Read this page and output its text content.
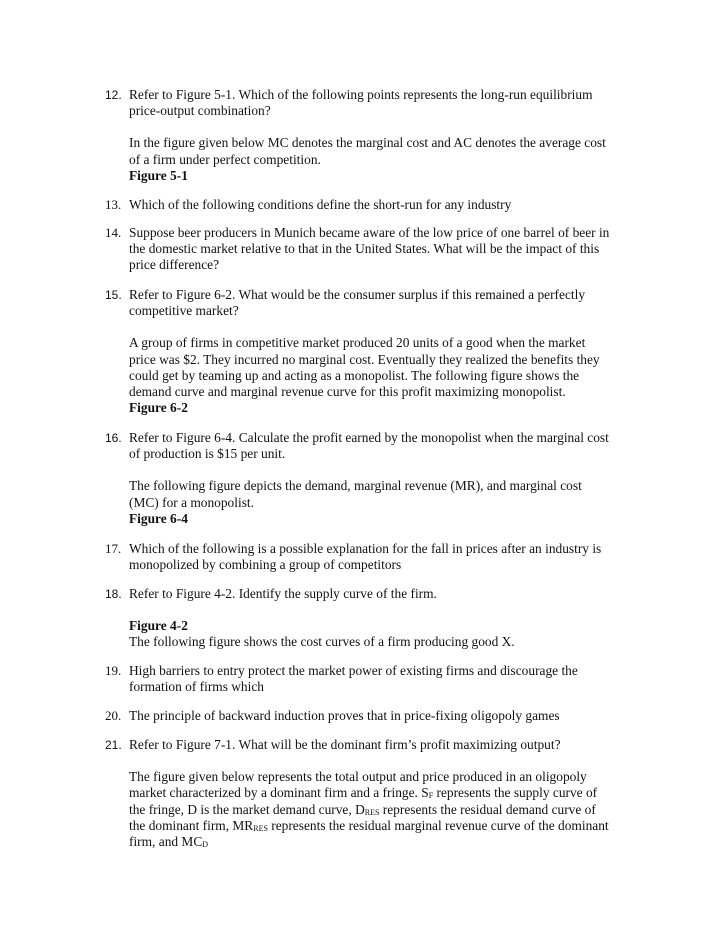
12. Refer to Figure 5-1. Which of the following points represents the long-run equilibrium
price-output combination?
In the figure given below MC denotes the marginal cost and AC denotes the average cost
of a firm under perfect competition.
Figure 5-1
13. Which of the following conditions define the short-run for any industry
14. Suppose beer producers in Munich became aware of the low price of one barrel of beer in
the domestic market relative to that in the United States. What will be the impact of this
price difference?
15. Refer to Figure 6-2. What would be the consumer surplus if this remained a perfectly
competitive market?
A group of firms in competitive market produced 20 units of a good when the market
price was $2. They incurred no marginal cost. Eventually they realized the benefits they
could get by teaming up and acting as a monopolist. The following figure shows the
demand curve and marginal revenue curve for this profit maximizing monopolist.
Figure 6-2
16. Refer to Figure 6-4. Calculate the profit earned by the monopolist when the marginal cost
of production is $15 per unit.
The following figure depicts the demand, marginal revenue (MR), and marginal cost
(MC) for a monopolist.
Figure 6-4
17. Which of the following is a possible explanation for the fall in prices after an industry is
monopolized by combining a group of competitors
18. Refer to Figure 4-2. Identify the supply curve of the firm.
Figure 4-2
The following figure shows the cost curves of a firm producing good X.
19. High barriers to entry protect the market power of existing firms and discourage the
formation of firms which
20. The principle of backward induction proves that in price-fixing oligopoly games
21. Refer to Figure 7-1. What will be the dominant firm’s profit maximizing output?
The figure given below represents the total output and price produced in an oligopoly
market characterized by a dominant firm and a fringe. $S_F$ represents the supply curve of
the fringe, D is the market demand curve, $D_{RES}$ represents the residual demand curve of
the dominant firm, $MR_{RES}$ represents the residual marginal revenue curve of the dominant
firm, and $MC_D$
